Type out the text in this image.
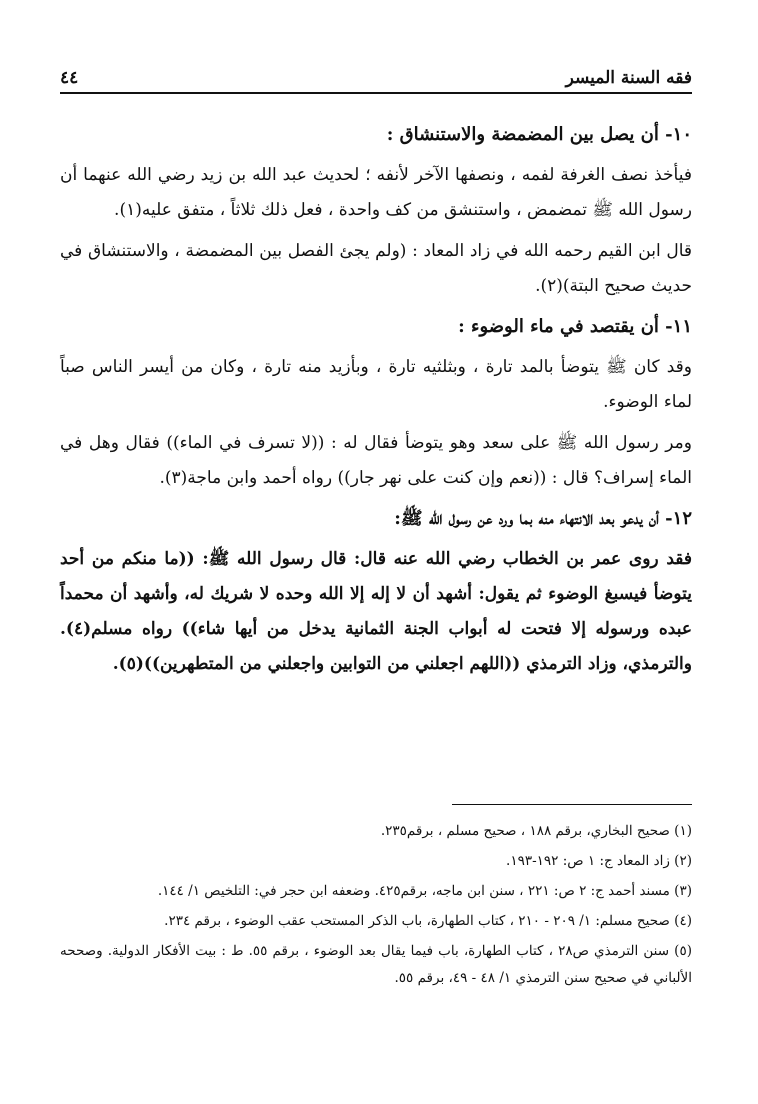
فقه السنة الميسر
٤٤
١٠- أن يصل بين المضمضة والاستنشاق :

فيأخذ نصف الغرفة لفمه ، ونصفها الآخر لأنفه ؛ لحديث عبد الله بن زيد رضي الله عنهما أن رسول الله ﷺ تمضمض ، واستنشق من كف واحدة ، فعل ذلك ثلاثاً ، متفق عليه(١).

قال ابن القيم رحمه الله في زاد المعاد : (ولم يجئ الفصل بين المضمضة ، والاستنشاق في حديث صحيح البتة)(٢).

١١- أن يقتصد في ماء الوضوء :

وقد كان ﷺ يتوضأ بالمد تارة ، وبثلثيه تارة ، وبأزيد منه تارة ، وكان من أيسر الناس صباً لماء الوضوء.

ومر رسول الله ﷺ على سعد وهو يتوضأ فقال له : ((لا تسرف في الماء)) فقال وهل في الماء إسراف؟ قال : ((نعم وإن كنت على نهر جار)) رواه أحمد وابن ماجة(٣).

١٢- أن يدعو بعد الانتهاء منه بما ورد عن رسول الله ﷺ:

فقد روى عمر بن الخطاب رضي الله عنه قال: قال رسول الله ﷺ: ((ما منكم من أحد يتوضأ فيسبغ الوضوء ثم يقول: أشهد أن لا إله إلا الله وحده لا شريك له، وأشهد أن محمداً عبده ورسوله إلا فتحت له أبواب الجنة الثمانية يدخل من أيها شاء)) رواه مسلم(٤). والترمذي، وزاد الترمذي ((اللهم اجعلني من التوابين واجعلني من المتطهرين))(٥).

(١) صحيح البخاري، برقم ١٨٨ ، صحيح مسلم ، برقم٢٣٥.

(٢) زاد المعاد ج: ١ ص: ١٩٢-١٩٣.

(٣) مسند أحمد ج: ٢ ص: ٢٢١ ، سنن ابن ماجه، برقم٤٢٥. وضعفه ابن حجر في: التلخيص ١/ ١٤٤.

(٤) صحيح مسلم: ١/ ٢٠٩ - ٢١٠ ، كتاب الطهارة، باب الذكر المستحب عقب الوضوء ، برقم ٢٣٤.

(٥) سنن الترمذي ص٢٨ ، كتاب الطهارة، باب فيما يقال بعد الوضوء ، برقم ٥٥. ط : بيت الأفكار الدولية. وصححه الألباني في صحيح سنن الترمذي ١/ ٤٨ - ٤٩، برقم ٥٥.
